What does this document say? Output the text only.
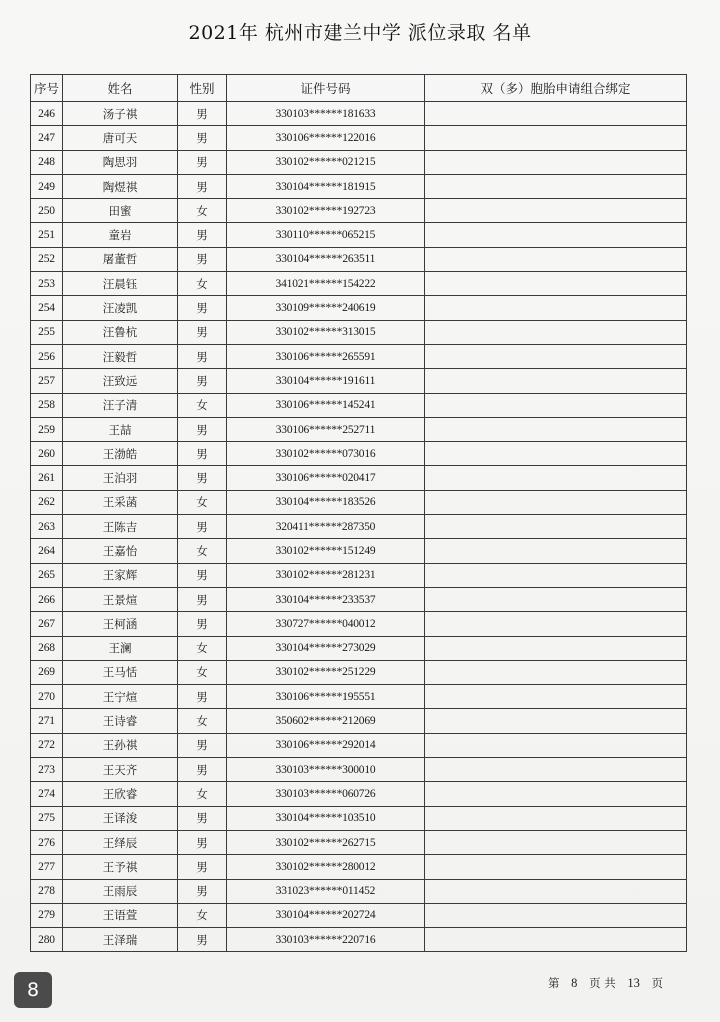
2021年 杭州市建兰中学 派位录取 名单
序号	姓名	性别	证件号码	双（多）胞胎申请组合绑定
246	汤子祺	男	330103******181633	
247	唐可天	男	330106******122016	
248	陶思羽	男	330102******021215	
249	陶煜祺	男	330104******181915	
250	田蜜	女	330102******192723	
251	童岩	男	330110******065215	
252	屠董哲	男	330104******263511	
253	汪晨钰	女	341021******154222	
254	汪凌凯	男	330109******240619	
255	汪鲁杭	男	330102******313015	
256	汪毅哲	男	330106******265591	
257	汪致远	男	330104******191611	
258	汪子清	女	330106******145241	
259	王喆	男	330106******252711	
260	王渤皓	男	330102******073016	
261	王泊羽	男	330106******020417	
262	王采菡	女	330104******183526	
263	王陈吉	男	320411******287350	
264	王嘉怡	女	330102******151249	
265	王家辉	男	330102******281231	
266	王景煊	男	330104******233537	
267	王柯涵	男	330727******040012	
268	王澜	女	330104******273029	
269	王马恬	女	330102******251229	
270	王宁煊	男	330106******195551	
271	王诗睿	女	350602******212069	
272	王孙祺	男	330106******292014	
273	王天齐	男	330103******300010	
274	王欣睿	女	330103******060726	
275	王译浚	男	330104******103510	
276	王绎辰	男	330102******262715	
277	王予祺	男	330102******280012	
278	王雨辰	男	331023******011452	
279	王语萱	女	330104******202724	
280	王泽瑞	男	330103******220716	
第 8 页 共 13 页
8
